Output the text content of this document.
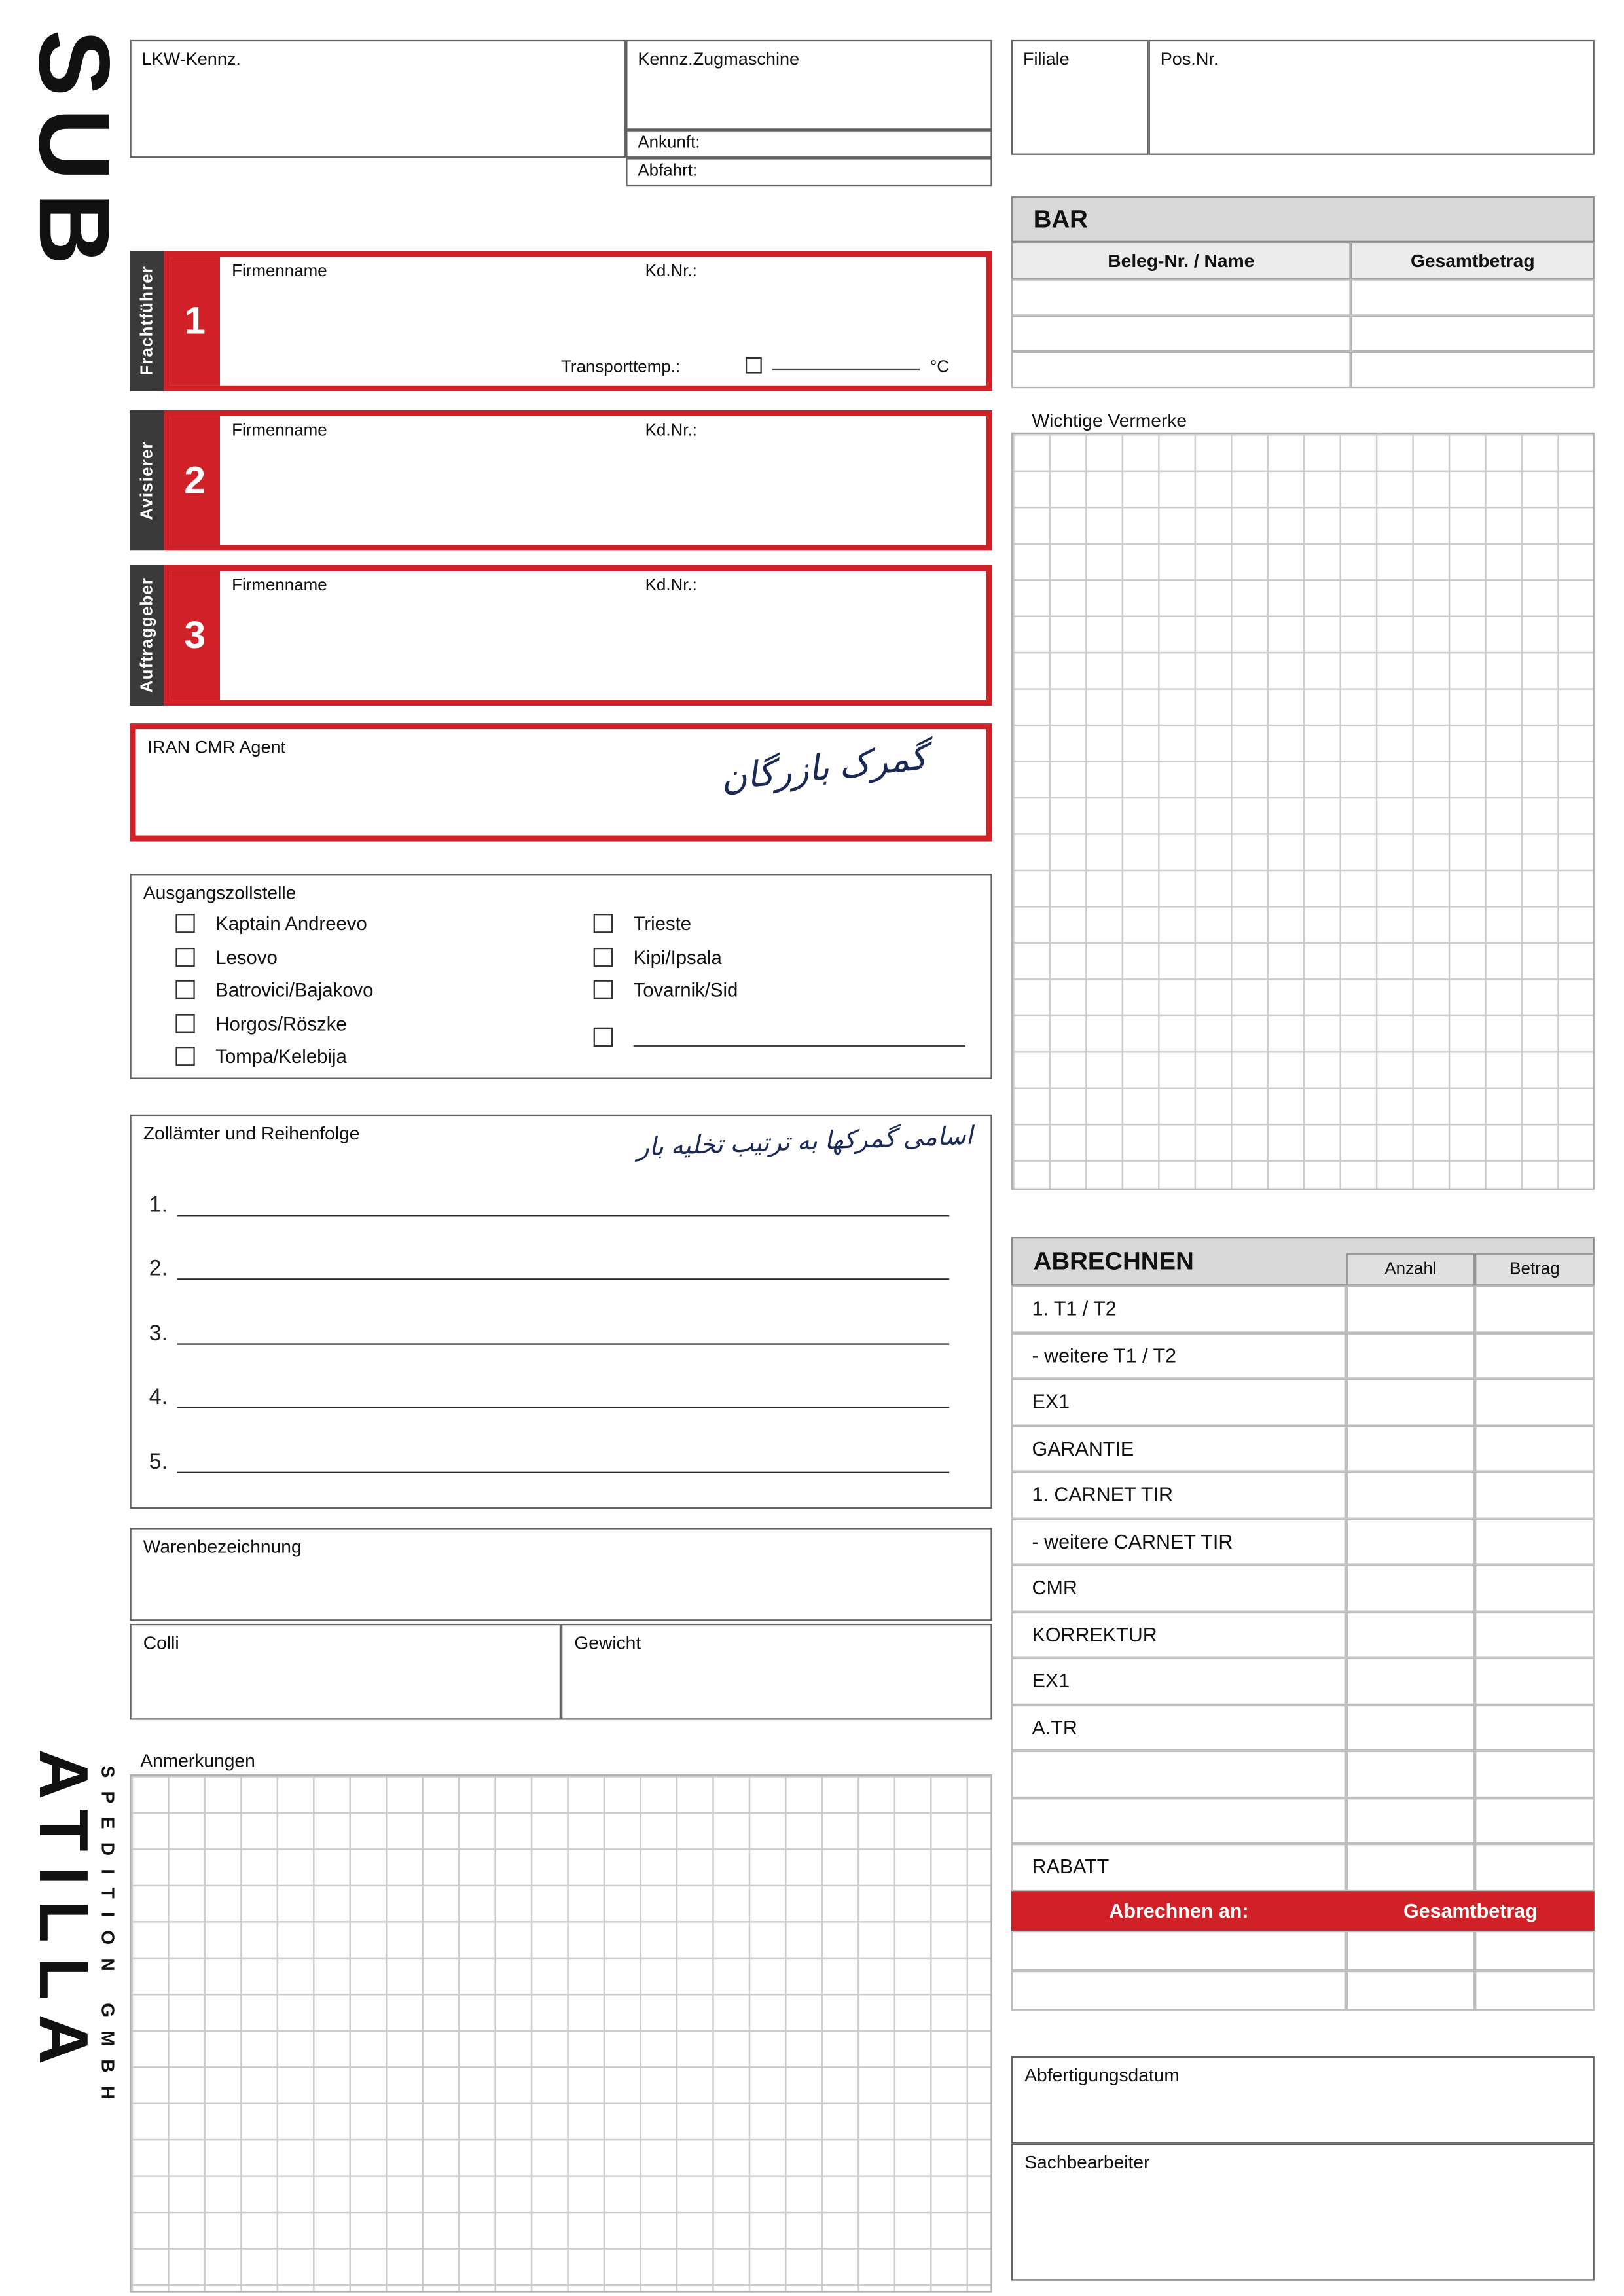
SUB LKW-Kennz.	Kennz.Zugmaschine
Ankunft:
Abfahrt:
Filiale	Pos.Nr.
BAR
Beleg-Nr. / Name	Gesamtbetrag
Frachtführer 1
Firmenname	Kd.Nr.:
Transporttemp.:	°C
Avisierer 2
Firmenname	Kd.Nr.:
Auftraggeber 3
Firmenname	Kd.Nr.:
IRAN CMR Agent	گمرک بازرگان
Wichtige Vermerke
Ausgangszollstelle
Kaptain Andreevo
Lesovo
Batrovici/Bajakovo
Horgos/Röszke
Tompa/Kelebija
Trieste
Kipi/Ipsala
Tovarnik/Sid
Zollämter und Reihenfolge	اسامی گمرکها به ترتیب تخلیه بار
1.
2.
3.
4.
5.
Warenbezeichnung
Colli	Gewicht
Anmerkungen
ABRECHNEN	Anzahl	Betrag
1. T1 / T2
- weitere T1 / T2
EX1
GARANTIE
1. CARNET TIR
- weitere CARNET TIR
CMR
KORREKTUR
EX1
A.TR
RABATT
Abrechnen an:	Gesamtbetrag
Abfertigungsdatum
Sachbearbeiter
ATILLA
SPEDITION GMBH
